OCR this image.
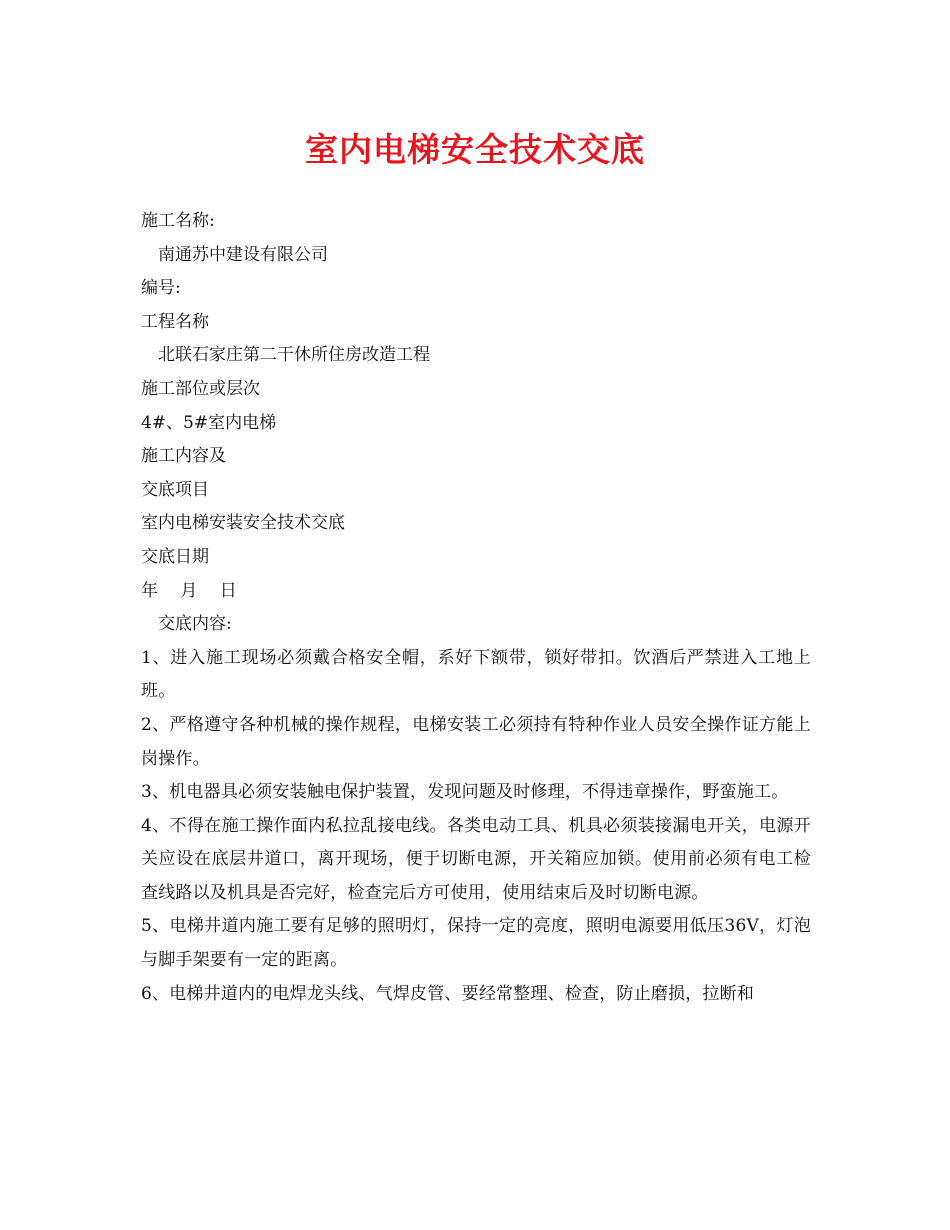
室内电梯安全技术交底
施工名称:
南通苏中建设有限公司
编号:
工程名称
北联石家庄第二干休所住房改造工程
施工部位或层次
4#、5#室内电梯
施工内容及
交底项目
室内电梯安装安全技术交底
交底日期
年　 月　 日
交底内容:
1、进入施工现场必须戴合格安全帽，系好下额带，锁好带扣。饮酒后严禁进入工地上班。
2、严格遵守各种机械的操作规程，电梯安装工必须持有特种作业人员安全操作证方能上岗操作。
3、机电器具必须安装触电保护装置，发现问题及时修理，不得违章操作，野蛮施工。
4、不得在施工操作面内私拉乱接电线。各类电动工具、机具必须装接漏电开关，电源开关应设在底层井道口，离开现场，便于切断电源，开关箱应加锁。使用前必须有电工检查线路以及机具是否完好，检查完后方可使用，使用结束后及时切断电源。
5、电梯井道内施工要有足够的照明灯，保持一定的亮度，照明电源要用低压36V，灯泡与脚手架要有一定的距离。
6、电梯井道内的电焊龙头线、气焊皮管、要经常整理、检查，防止磨损，拉断和
